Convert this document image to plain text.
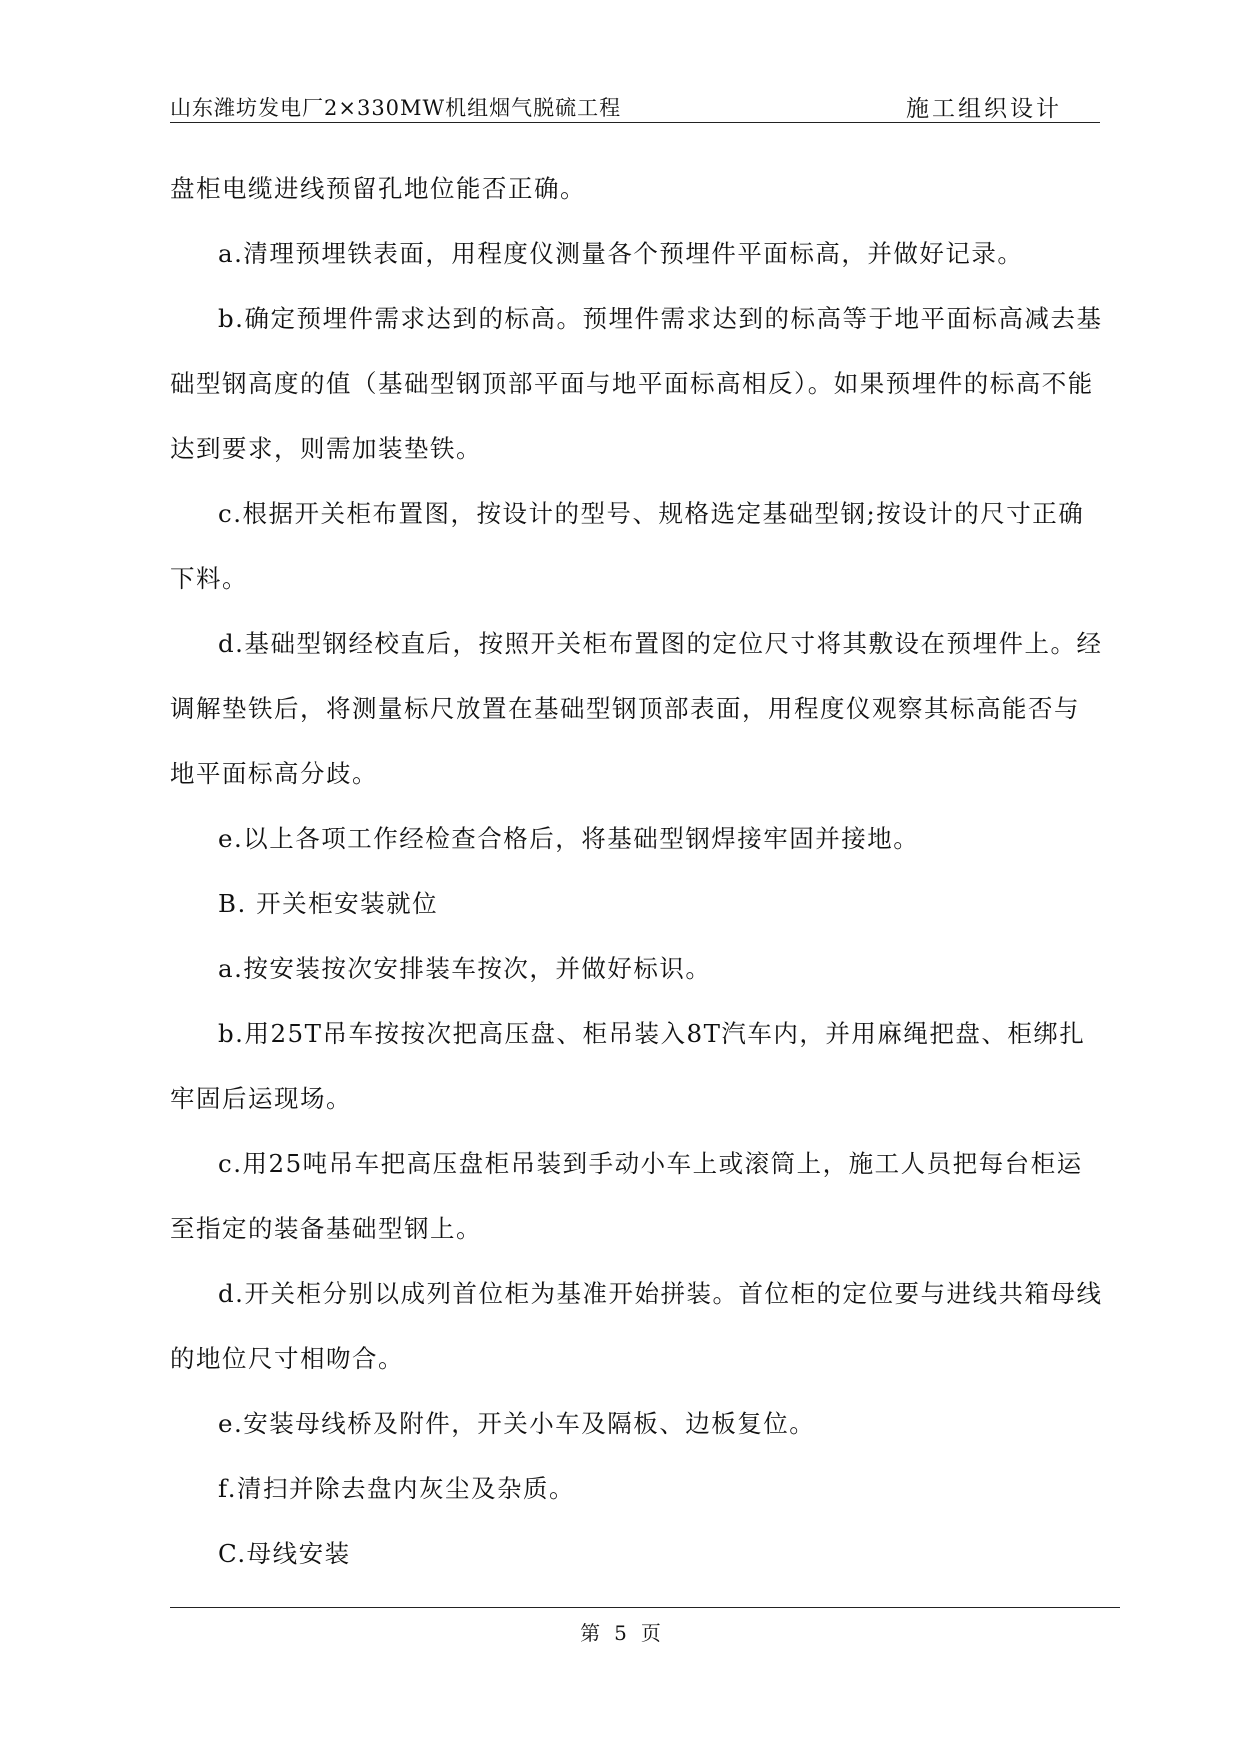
山东潍坊发电厂2×330MW机组烟气脱硫工程	施工组织设计

盘柜电缆进线预留孔地位能否正确。

a.清理预埋铁表面，用程度仪测量各个预埋件平面标高，并做好记录。

b.确定预埋件需求达到的标高。预埋件需求达到的标高等于地平面标高减去基

础型钢高度的值（基础型钢顶部平面与地平面标高相反）。如果预埋件的标高不能

达到要求，则需加装垫铁。

c.根据开关柜布置图，按设计的型号、规格选定基础型钢;按设计的尺寸正确

下料。

d.基础型钢经校直后，按照开关柜布置图的定位尺寸将其敷设在预埋件上。经

调解垫铁后，将测量标尺放置在基础型钢顶部表面，用程度仪观察其标高能否与

地平面标高分歧。

e.以上各项工作经检查合格后，将基础型钢焊接牢固并接地。

B. 开关柜安装就位

a.按安装按次安排装车按次，并做好标识。

b.用25T吊车按按次把高压盘、柜吊装入8T汽车内，并用麻绳把盘、柜绑扎

牢固后运现场。

c.用25吨吊车把高压盘柜吊装到手动小车上或滚筒上，施工人员把每台柜运

至指定的装备基础型钢上。

d.开关柜分别以成列首位柜为基准开始拼装。首位柜的定位要与进线共箱母线

的地位尺寸相吻合。

e.安装母线桥及附件，开关小车及隔板、边板复位。

f.清扫并除去盘内灰尘及杂质。

C.母线安装

第 5 页
